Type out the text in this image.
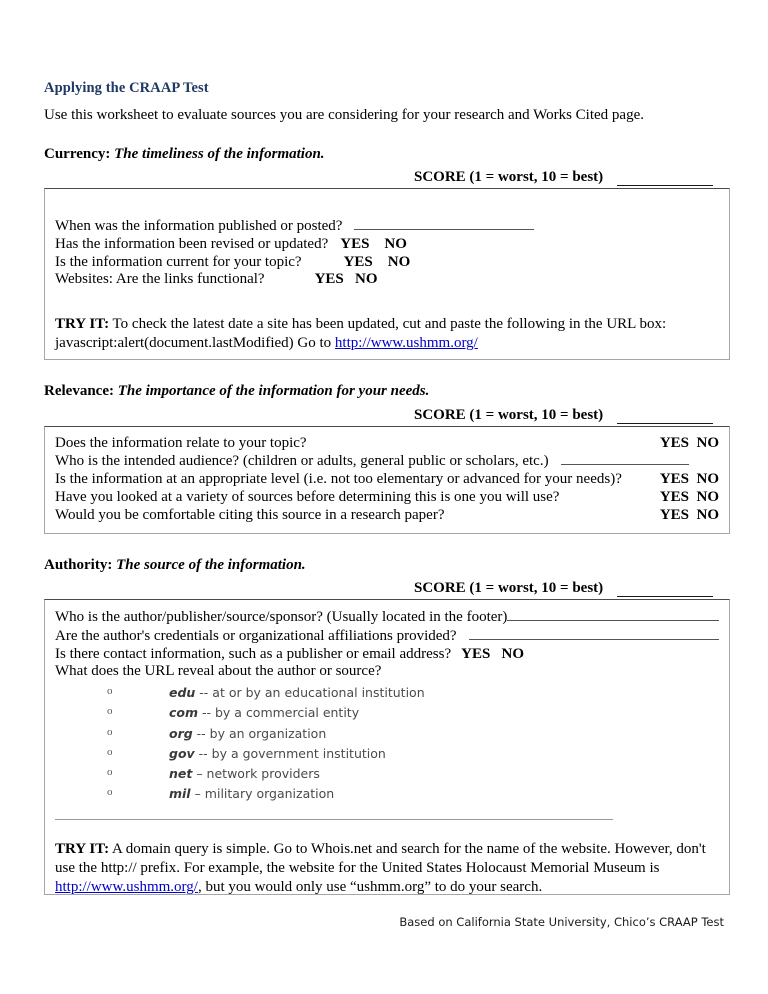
Applying the CRAAP Test
Use this worksheet to evaluate sources you are considering for your research and Works Cited page.
Currency: The timeliness of the information.
SCORE (1 = worst, 10 = best)
When was the information published or posted?
Has the information been revised or updated? YES    NO
Is the information current for your topic?	YES    NO
Websites: Are the links functional?	YES   NO
TRY IT: To check the latest date a site has been updated, cut and paste the following in the URL box: javascript:alert(document.lastModified) Go to http://www.ushmm.org/
Relevance: The importance of the information for your needs.
SCORE (1 = worst, 10 = best)
Does the information relate to your topic?	YES  NO
Who is the intended audience? (children or adults, general public or scholars, etc.)
Is the information at an appropriate level (i.e. not too elementary or advanced for your needs)?	YES  NO
Have you looked at a variety of sources before determining this is one you will use?	YES  NO
Would you be comfortable citing this source in a research paper?	YES  NO
Authority: The source of the information.
SCORE (1 = worst, 10 = best)
Who is the author/publisher/source/sponsor? (Usually located in the footer)
Are the author's credentials or organizational affiliations provided?
Is there contact information, such as a publisher or email address? YES   NO
What does the URL reveal about the author or source?
o	edu -- at or by an educational institution
o	com -- by a commercial entity
o	org -- by an organization
o	gov -- by a government institution
o	net – network providers
o	mil – military organization
TRY IT: A domain query is simple. Go to Whois.net and search for the name of the website. However, don't use the http:// prefix. For example, the website for the United States Holocaust Memorial Museum is http://www.ushmm.org/, but you would only use “ushmm.org” to do your search.
Based on California State University, Chico’s CRAAP Test
